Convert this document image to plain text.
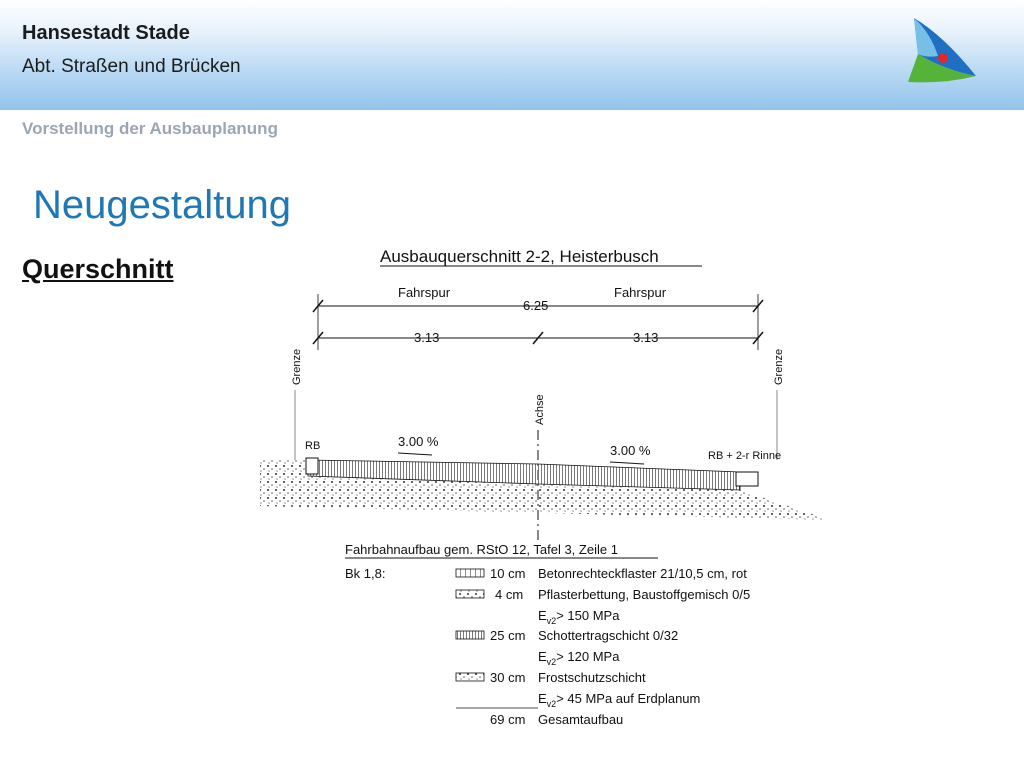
Hansestadt Stade
Abt. Straßen und Brücken
Vorstellung der Ausbauplanung
Neugestaltung
Querschnitt	Ausbauquerschnitt 2-2, Heisterbusch
Fahrspur	Fahrspur
6.25
3.13	3.13
Grenze	Grenze
Achse
RB
RB + 2-r Rinne
3.00 %
3.00 %
Fahrbahnaufbau gem. RStO 12, Tafel 3, Zeile 1
Bk 1,8:	10 cm Betonrechteckflaster 21/10,5 cm, rot
4 cm Pflasterbettung, Baustoffgemisch 0/5
$E_{v2}> 150$ MPa
25 cm Schottertragschicht 0/32
$E_{v2}> 120$ MPa
30 cm Frostschutzschicht
$E_{v2}> 45$ MPa auf Erdplanum
69 cm Gesamtaufbau
